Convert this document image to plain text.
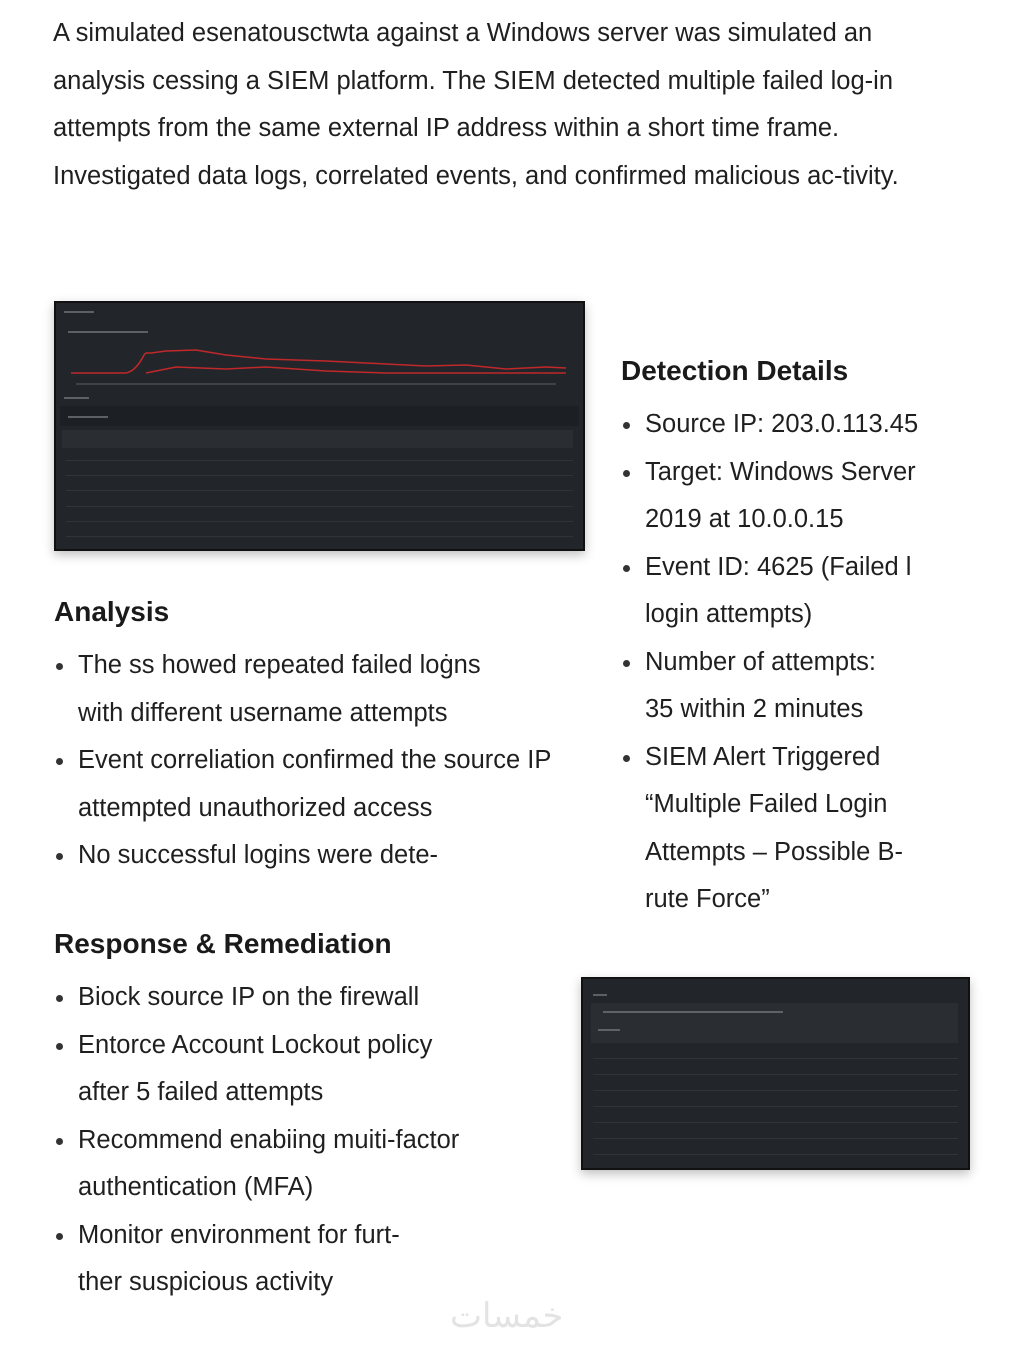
A simulated esenatousctwta against a Windows server was simulated an analysis cessing a SIEM platform. The SIEM detected multiple failed log-in attempts from the same external IP address within a short time frame. Investigated data logs, correlated events, and confirmed malicious ac-tivity.

Detection Details
Source IP: 203.0.113.45
Target: Windows Server 2019 at 10.0.0.15
Event ID: 4625 (Failed l login attempts)
Number of attempts: 35 within 2 minutes
SIEM Alert Triggered “Multiple Failed Login Attempts – Possible B-rute Force”
Analysis
The ss howed repeated failed loġns with different username attempts
Event correliation confirmed the source IP attempted unauthorized access
No successful logins were dete-
Response & Remediation
Biock source IP on the firewall
Entorce Account Lockout policy after 5 failed attempts
Recommend enabiing muiti-factor authentication (MFA)
Monitor environment for furt-ther suspicious activity
خمسات
